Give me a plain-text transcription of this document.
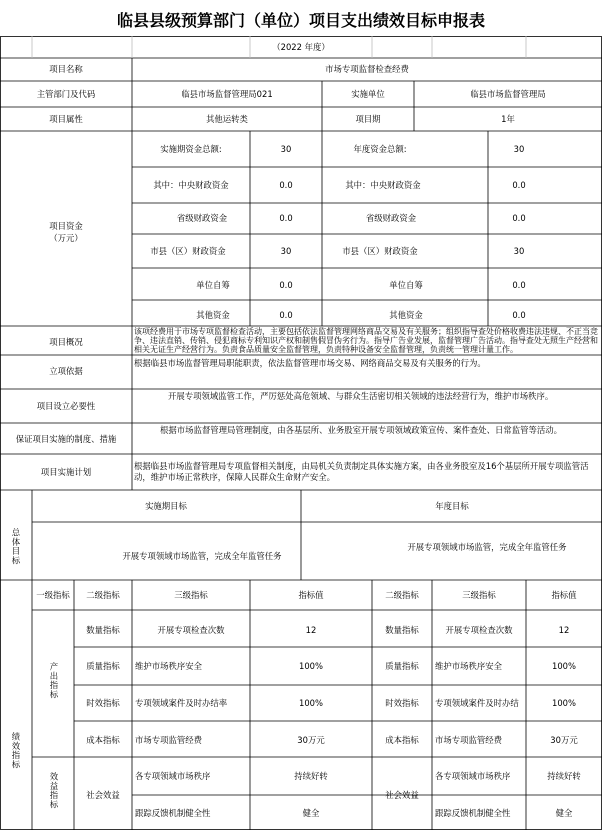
临县县级预算部门（单位）项目支出绩效目标申报表
（2022 年度）
项目名称	市场专项监督检查经费
主管部门及代码	临县市场监督管理局021	实施单位	临县市场监督管理局
项目属性	其他运转类	项目期	1年
项目资金
（万元）
实施期资金总额:	30	年度资金总额:	30
其中：中央财政资金	0.0	其中：中央财政资金	0.0
省级财政资金	0.0	省级财政资金	0.0
市县（区）财政资金	30	市县（区）财政资金	30
单位自筹	0.0	单位自筹	0.0
其他资金	0.0	其他资金	0.0
项目概况
该项经费用于市场专项监督检查活动，主要包括依法监督管理网络商品交易及有关服务；组织指导查处价格收费违法违规、不正当竞争、违法直销、传销、侵犯商标专利知识产权和制售假冒伪劣行为。指导广告业发展，监督管理广告活动。指导查处无照生产经营和相关无证生产经营行为。负责食品质量安全监督管理，负责特种设备安全监督管理，负责统一管理计量工作。
立项依据
根据临县市场监督管理局职能职责，依法监督管理市场交易、网络商品交易及有关服务的行为。
项目设立必要性
开展专项领域监管工作，严厉惩处高危领域、与群众生活密切相关领域的违法经营行为，维护市场秩序。
保证项目实施的制度、措施
根据市场监督管理局管理制度，由各基层所、业务股室开展专项领域政策宣传、案件查处、日常监管等活动。
项目实施计划
根据临县市场监督管理局专项监督相关制度，由局机关负责制定具体实施方案，由各业务股室及16个基层所开展专项监管活动，维护市场正常秩序，保障人民群众生命财产安全。
总体目标
实施期目标	年度目标
开展专项领域市场监管，完成全年监管任务
开展专项领域市场监管，完成全年监管任务
一级指标 二级指标	三级指标	指标值	二级指标	三级指标	指标值
绩效指标
产出指标
效益指标
数量指标	开展专项检查次数	12	数量指标	开展专项检查次数	12
质量指标 维护市场秩序安全	100%	质量指标 维护市场秩序安全	100%
时效指标 专项领域案件及时办结率	100%	时效指标 专项领域案件及时办结	100%
成本指标 市场专项监管经费	30万元	成本指标 市场专项监管经费	30万元
社会效益	社会效益
各专项领域市场秩序	持续好转	各专项领域市场秩序	持续好转
跟踪反馈机制健全性	健全	跟踪反馈机制健全性	健全
